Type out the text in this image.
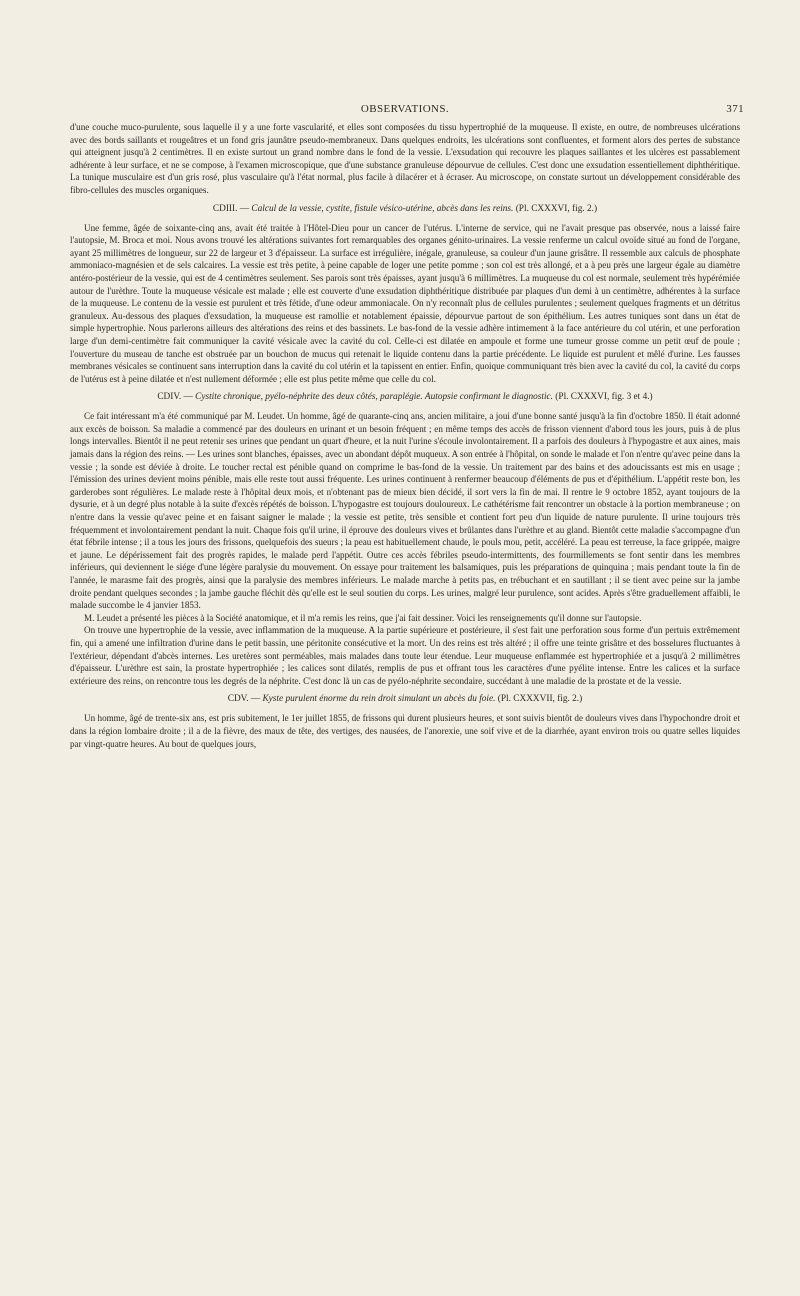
OBSERVATIONS.	371

d'une couche muco-purulente, sous laquelle il y a une forte vascularité, et elles sont composées du tissu hypertrophié de la muqueuse. Il existe, en outre, de nombreuses ulcérations avec des bords saillants et rougeâtres et un fond gris jaunâtre pseudo-membraneux. Dans quelques endroits, les ulcérations sont confluentes, et forment alors des pertes de substance qui atteignent jusqu'à 2 centimètres. Il en existe surtout un grand nombre dans le fond de la vessie. L'exsudation qui recouvre les plaques saillantes et les ulcères est passablement adhérente à leur surface, et ne se compose, à l'examen microscopique, que d'une substance granuleuse dépourvue de cellules. C'est donc une exsudation essentiellement diphthéritique. La tunique musculaire est d'un gris rosé, plus vasculaire qu'à l'état normal, plus facile à dilacérer et à écraser. Au microscope, on constate surtout un développement considérable des fibro-cellules des muscles organiques.

CDIII. — Calcul de la vessie, cystite, fistule vésico-utérine, abcès dans les reins. (Pl. CXXXVI, fig. 2.)

Une femme, âgée de soixante-cinq ans, avait été traitée à l'Hôtel-Dieu pour un cancer de l'utérus. L'interne de service, qui ne l'avait presque pas observée, nous a laissé faire l'autopsie, M. Broca et moi. Nous avons trouvé les altérations suivantes fort remarquables des organes génito-urinaires. La vessie renferme un calcul ovoïde situé au fond de l'organe, ayant 25 millimètres de longueur, sur 22 de largeur et 3 d'épaisseur. La surface est irrégulière, inégale, granuleuse, sa couleur d'un jaune grisâtre. Il ressemble aux calculs de phosphate ammoniaco-magnésien et de sels calcaires. La vessie est très petite, à peine capable de loger une petite pomme ; son col est très allongé, et a à peu près une largeur égale au diamètre antéro-postérieur de la vessie, qui est de 4 centimètres seulement. Ses parois sont très épaisses, ayant jusqu'à 6 millimètres. La muqueuse du col est normale, seulement très hypérémiée autour de l'urèthre. Toute la muqueuse vésicale est malade ; elle est couverte d'une exsudation diphthéritique distribuée par plaques d'un demi à un centimètre, adhérentes à la surface de la muqueuse. Le contenu de la vessie est purulent et très fétide, d'une odeur ammoniacale. On n'y reconnaît plus de cellules purulentes ; seulement quelques fragments et un détritus granuleux. Au-dessous des plaques d'exsudation, la muqueuse est ramollie et notablement épaissie, dépourvue partout de son épithélium. Les autres tuniques sont dans un état de simple hypertrophie. Nous parlerons ailleurs des altérations des reins et des bassinets. Le bas-fond de la vessie adhère intimement à la face antérieure du col utérin, et une perforation large d'un demi-centimètre fait communiquer la cavité vésicale avec la cavité du col. Celle-ci est dilatée en ampoule et forme une tumeur grosse comme un petit œuf de poule ; l'ouverture du museau de tanche est obstruée par un bouchon de mucus qui retenait le liquide contenu dans la partie précédente. Le liquide est purulent et mêlé d'urine. Les fausses membranes vésicales se continuent sans interruption dans la cavité du col utérin et la tapissent en entier. Enfin, quoique communiquant très bien avec la cavité du col, la cavité du corps de l'utérus est à peine dilatée et n'est nullement déformée ; elle est plus petite même que celle du col.

CDIV. — Cystite chronique, pyélo-néphrite des deux côtés, paraplégie. Autopsie confirmant le diagnostic. (Pl. CXXXVI, fig. 3 et 4.)

Ce fait intéressant m'a été communiqué par M. Leudet. Un homme, âgé de quarante-cinq ans, ancien militaire, a joui d'une bonne santé jusqu'à la fin d'octobre 1850. Il était adonné aux excès de boisson. Sa maladie a commencé par des douleurs en urinant et un besoin fréquent ; en même temps des accès de frisson viennent d'abord tous les jours, puis à de plus longs intervalles. Bientôt il ne peut retenir ses urines que pendant un quart d'heure, et la nuit l'urine s'écoule involontairement. Il a parfois des douleurs à l'hypogastre et aux aines, mais jamais dans la région des reins. — Les urines sont blanches, épaisses, avec un abondant dépôt muqueux. A son entrée à l'hôpital, on sonde le malade et l'on n'entre qu'avec peine dans la vessie ; la sonde est déviée à droite. Le toucher rectal est pénible quand on comprime le bas-fond de la vessie. Un traitement par des bains et des adoucissants est mis en usage ; l'émission des urines devient moins pénible, mais elle reste tout aussi fréquente. Les urines continuent à renfermer beaucoup d'éléments de pus et d'épithélium. L'appétit reste bon, les garderobes sont régulières. Le malade reste à l'hôpital deux mois, et n'obtenant pas de mieux bien décidé, il sort vers la fin de mai. Il rentre le 9 octobre 1852, ayant toujours de la dysurie, et à un degré plus notable à la suite d'excès répétés de boisson. L'hypogastre est toujours douloureux. Le cathétérisme fait rencontrer un obstacle à la portion membraneuse ; on n'entre dans la vessie qu'avec peine et en faisant saigner le malade ; la vessie est petite, très sensible et contient fort peu d'un liquide de nature purulente. Il urine toujours très fréquemment et involontairement pendant la nuit. Chaque fois qu'il urine, il éprouve des douleurs vives et brûlantes dans l'urèthre et au gland. Bientôt cette maladie s'accompagne d'un état fébrile intense ; il a tous les jours des frissons, quelquefois des sueurs ; la peau est habituellement chaude, le pouls mou, petit, accéléré. La peau est terreuse, la face grippée, maigre et jaune. Le dépérissement fait des progrès rapides, le malade perd l'appétit. Outre ces accès fébriles pseudo-intermittents, des fourmillements se font sentir dans les membres inférieurs, qui deviennent le siége d'une légère paralysie du mouvement. On essaye pour traitement les balsamiques, puis les préparations de quinquina ; mais pendant toute la fin de l'année, le marasme fait des progrès, ainsi que la paralysie des membres inférieurs. Le malade marche à petits pas, en trébuchant et en sautillant ; il se tient avec peine sur la jambe droite pendant quelques secondes ; la jambe gauche fléchit dès qu'elle est le seul soutien du corps. Les urines, malgré leur purulence, sont acides. Après s'être graduellement affaibli, le malade succombe le 4 janvier 1853.

M. Leudet a présenté les pièces à la Société anatomique, et il m'a remis les reins, que j'ai fait dessiner. Voici les renseignements qu'il donne sur l'autopsie.

On trouve une hypertrophie de la vessie, avec inflammation de la muqueuse. A la partie supérieure et postérieure, il s'est fait une perforation sous forme d'un pertuis extrêmement fin, qui a amené une infiltration d'urine dans le petit bassin, une péritonite consécutive et la mort. Un des reins est très altéré ; il offre une teinte grisâtre et des bosselures fluctuantes à l'extérieur, dépendant d'abcès internes. Les uretères sont perméables, mais malades dans toute leur étendue. Leur muqueuse enflammée est hypertrophiée et a jusqu'à 2 millimètres d'épaisseur. L'urèthre est sain, la prostate hypertrophiée ; les calices sont dilatés, remplis de pus et offrant tous les caractères d'une pyélite intense. Entre les calices et la surface extérieure des reins, on rencontre tous les degrés de la néphrite. C'est donc là un cas de pyélo-néphrite secondaire, succédant à une maladie de la prostate et de la vessie.

CDV. — Kyste purulent énorme du rein droit simulant un abcès du foie. (Pl. CXXXVII, fig. 2.)

Un homme, âgé de trente-six ans, est pris subitement, le 1er juillet 1855, de frissons qui durent plusieurs heures, et sont suivis bientôt de douleurs vives dans l'hypochondre droit et dans la région lombaire droite ; il a de la fièvre, des maux de tête, des vertiges, des nausées, de l'anorexie, une soif vive et de la diarrhée, ayant environ trois ou quatre selles liquides par vingt-quatre heures. Au bout de quelques jours,
